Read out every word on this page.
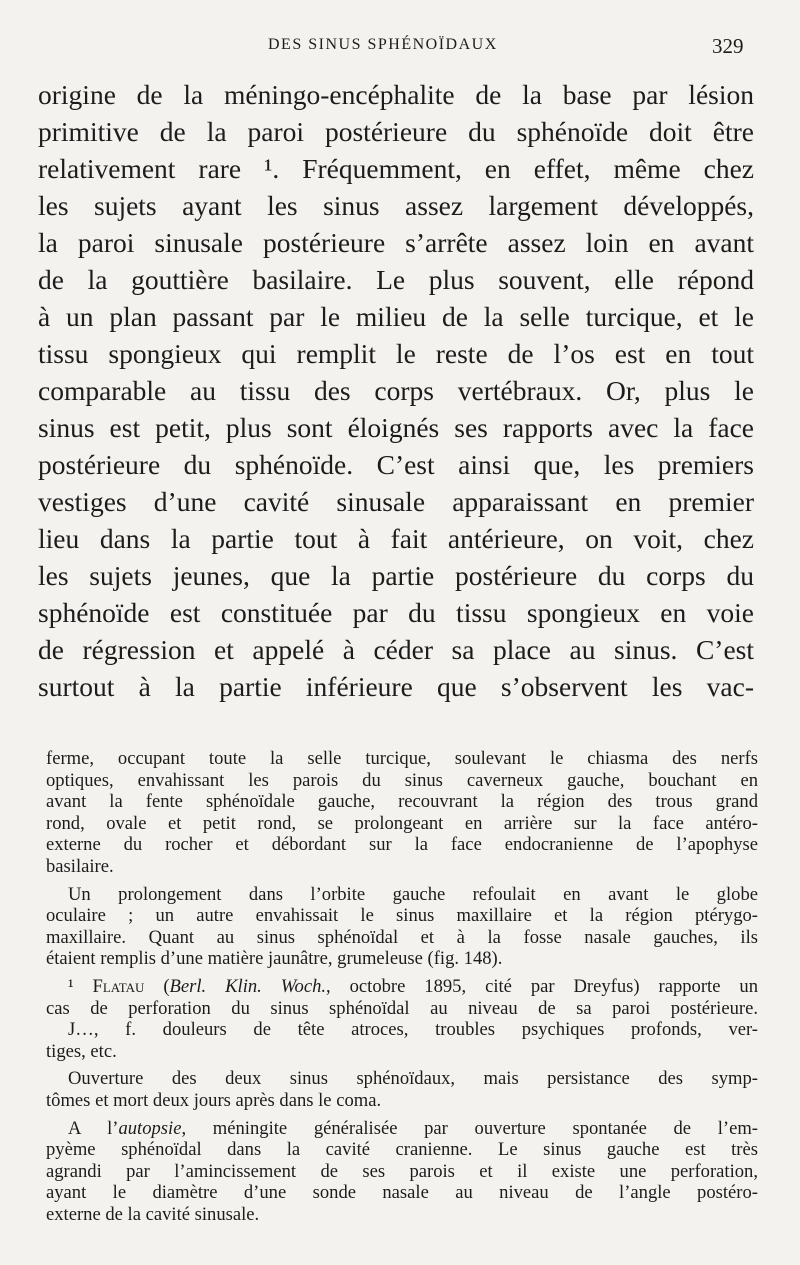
DES SINUS SPHÉNOÏDAUX	329
origine de la méningo-encéphalite de la base par lésion
primitive de la paroi postérieure du sphénoïde doit être
relativement rare ¹. Fréquemment, en effet, même chez
les sujets ayant les sinus assez largement développés,
la paroi sinusale postérieure s’arrête assez loin en avant
de la gouttière basilaire. Le plus souvent, elle répond
à un plan passant par le milieu de la selle turcique, et le
tissu spongieux qui remplit le reste de l’os est en tout
comparable au tissu des corps vertébraux. Or, plus le
sinus est petit, plus sont éloignés ses rapports avec la face
postérieure du sphénoïde. C’est ainsi que, les premiers
vestiges d’une cavité sinusale apparaissant en premier
lieu dans la partie tout à fait antérieure, on voit, chez
les sujets jeunes, que la partie postérieure du corps du
sphénoïde est constituée par du tissu spongieux en voie
de régression et appelé à céder sa place au sinus. C’est
surtout à la partie inférieure que s’observent les vac-
ferme, occupant toute la selle turcique, soulevant le chiasma des nerfs
optiques, envahissant les parois du sinus caverneux gauche, bouchant en
avant la fente sphénoïdale gauche, recouvrant la région des trous grand
rond, ovale et petit rond, se prolongeant en arrière sur la face antéro-
externe du rocher et débordant sur la face endocranienne de l’apophyse
basilaire.
Un prolongement dans l’orbite gauche refoulait en avant le globe
oculaire ; un autre envahissait le sinus maxillaire et la région ptérygo-
maxillaire. Quant au sinus sphénoïdal et à la fosse nasale gauches, ils
étaient remplis d’une matière jaunâtre, grumeleuse (fig. 148).
¹ Flatau (Berl. Klin. Woch., octobre 1895, cité par Dreyfus) rapporte un
cas de perforation du sinus sphénoïdal au niveau de sa paroi postérieure.
J…, f. douleurs de tête atroces, troubles psychiques profonds, ver-
tiges, etc.
Ouverture des deux sinus sphénoïdaux, mais persistance des symp-
tômes et mort deux jours après dans le coma.
A l’autopsie, méningite généralisée par ouverture spontanée de l’em-
pyème sphénoïdal dans la cavité cranienne. Le sinus gauche est très
agrandi par l’amincissement de ses parois et il existe une perforation,
ayant le diamètre d’une sonde nasale au niveau de l’angle postéro-
externe de la cavité sinusale.
